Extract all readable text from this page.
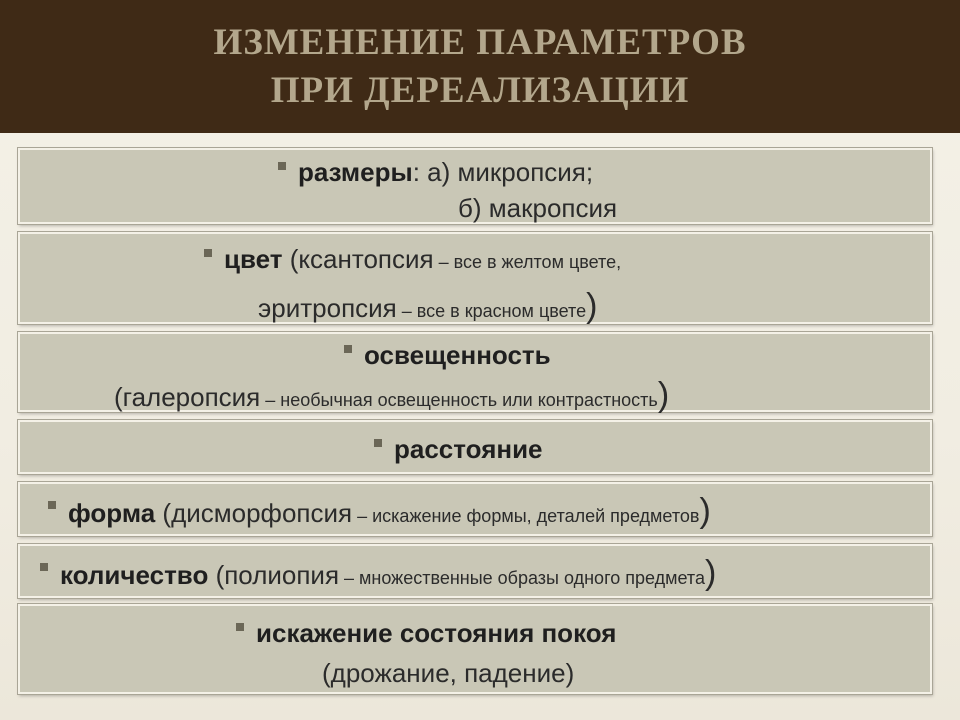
ИЗМЕНЕНИЕ ПАРАМЕТРОВ
ПРИ ДЕРЕАЛИЗАЦИИ
размеры: а) микропсия;
б) макропсия
цвет (ксантопсия – все в желтом цвете,
эритропсия – все в красном цвете)
освещенность
(галеропсия – необычная освещенность или контрастность)
расстояние
форма (дисморфопсия – искажение формы, деталей предметов)
количество (полиопия – множественные образы одного предмета)
искажение состояния покоя
(дрожание, падение)
